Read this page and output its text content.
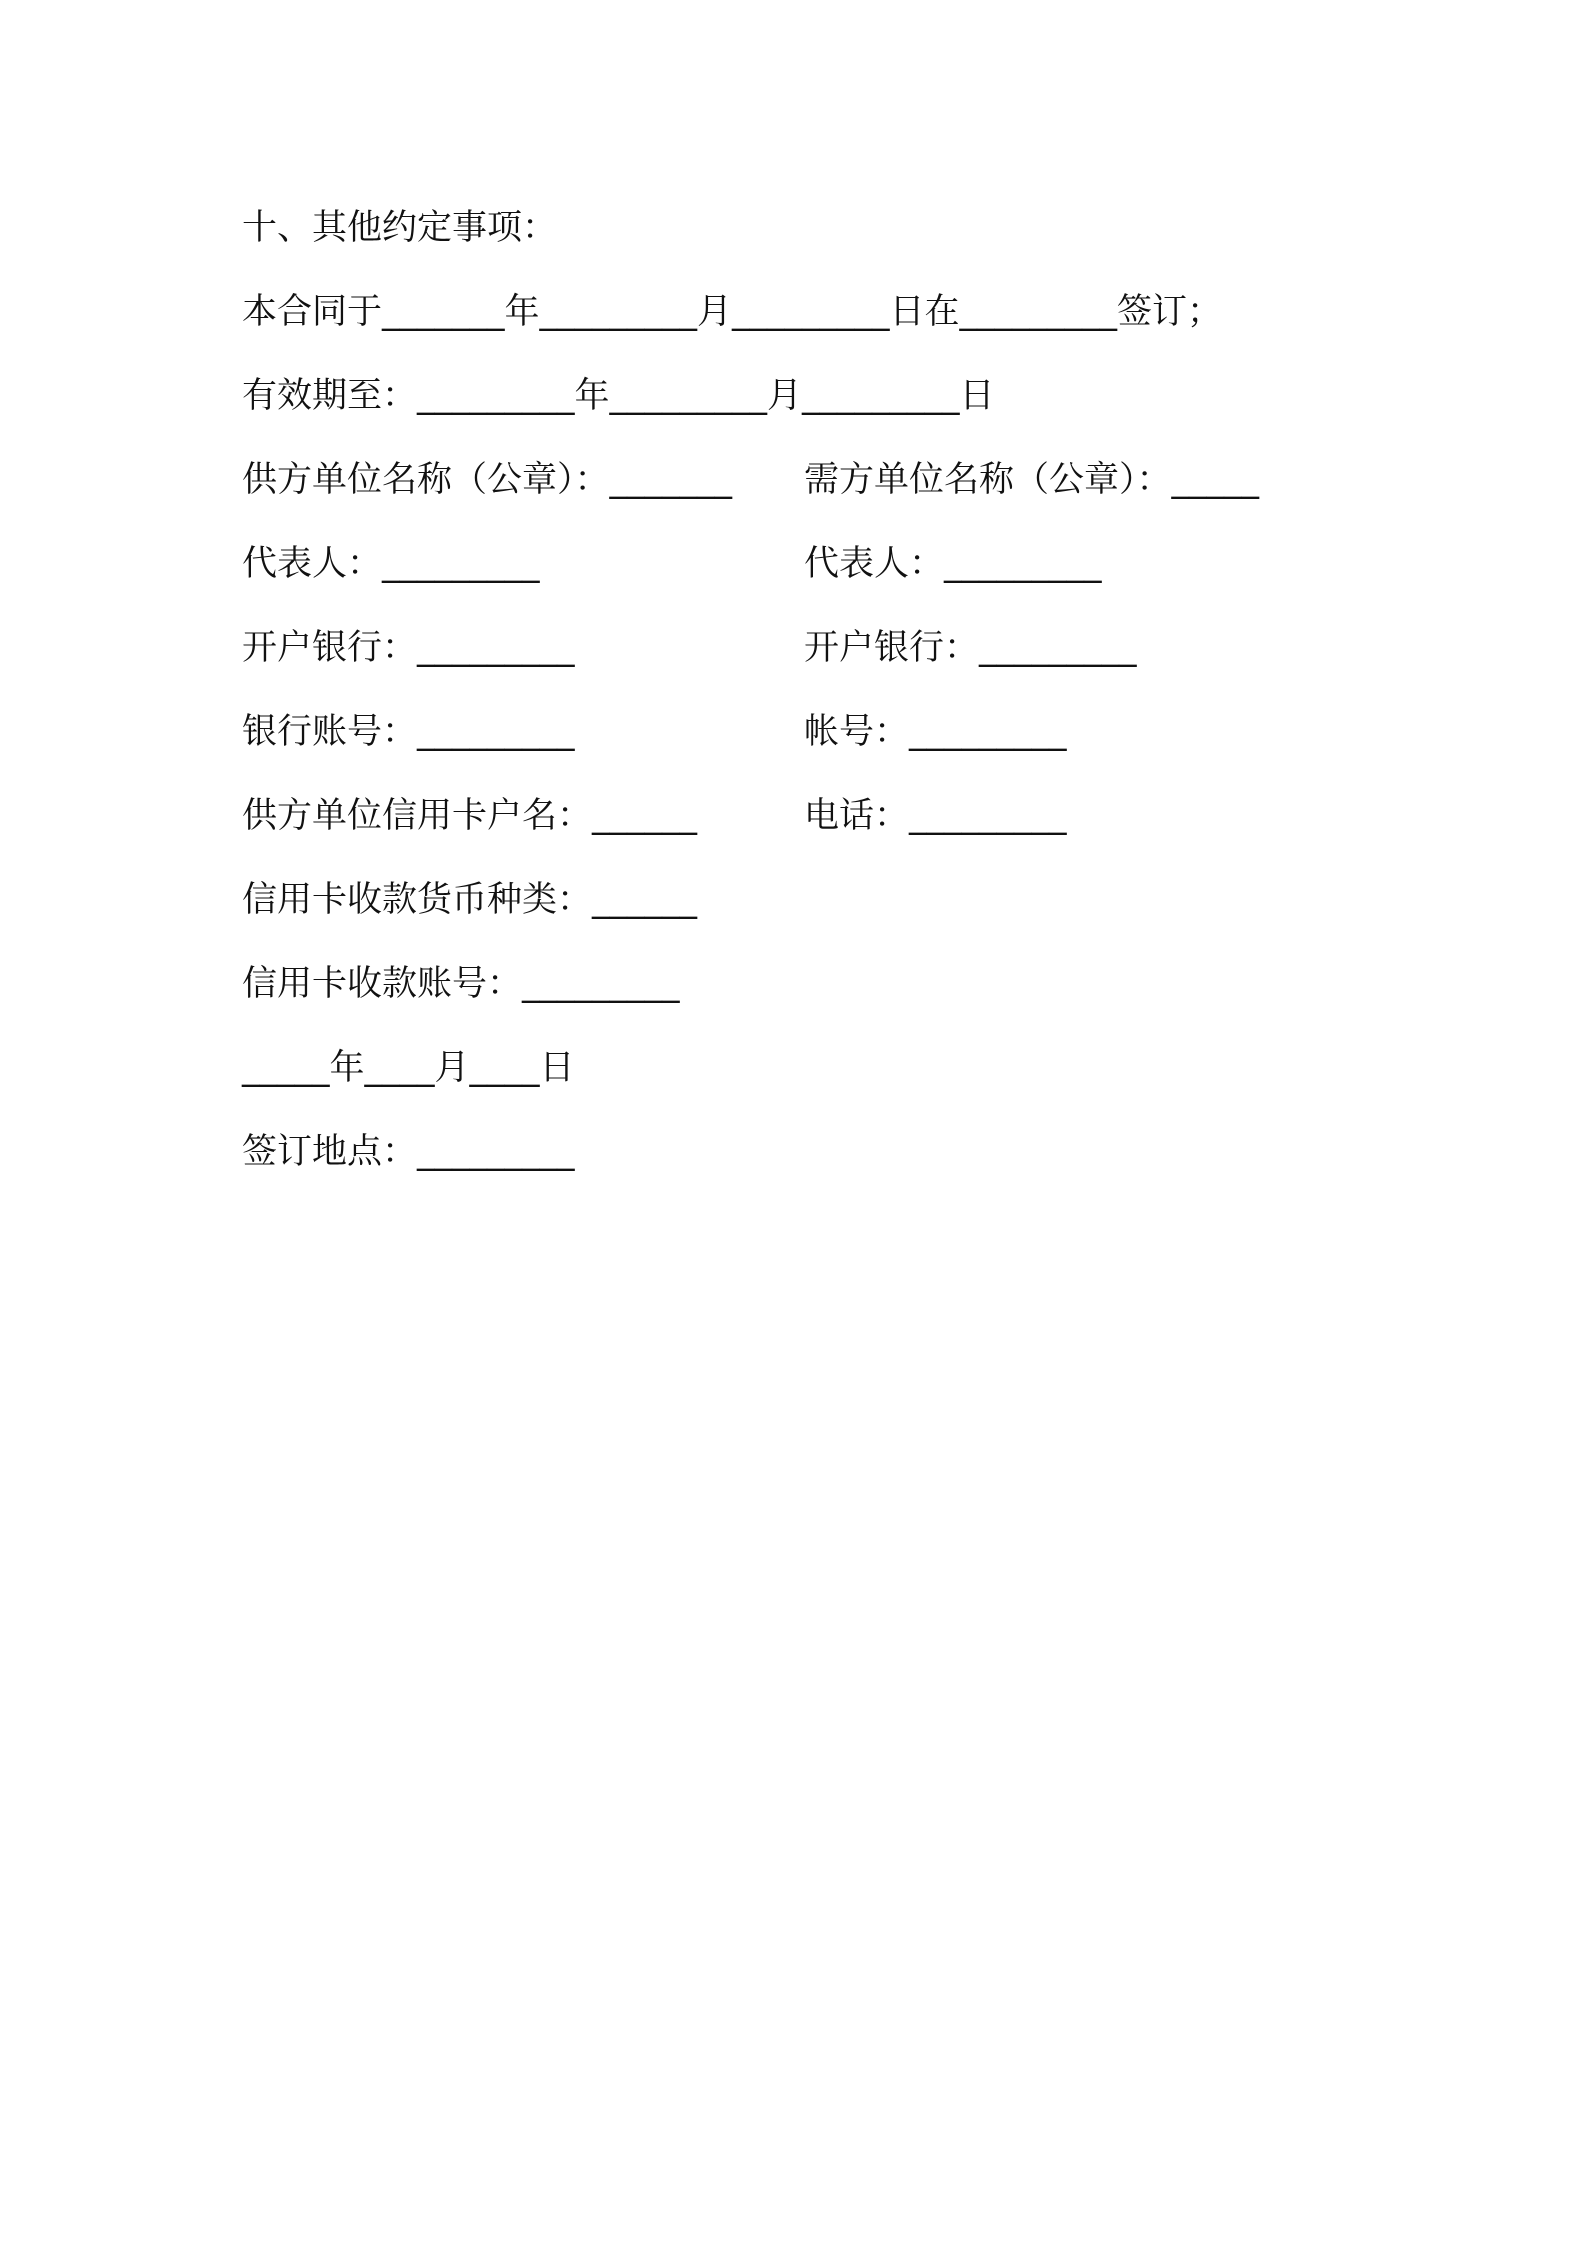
十、其他约定事项：
本合同于_______年_________月_________日在_________签订；
有效期至：_________年_________月_________日
供方单位名称（公章）：_______ 需方单位名称（公章）：_____
代表人：_________	代表人：_________
开户银行：_________	开户银行：_________
银行账号：_________	帐号：_________
供方单位信用卡户名：______	电话：_________
信用卡收款货币种类：______
信用卡收款账号：_________
_____年____月____日
签订地点：_________
